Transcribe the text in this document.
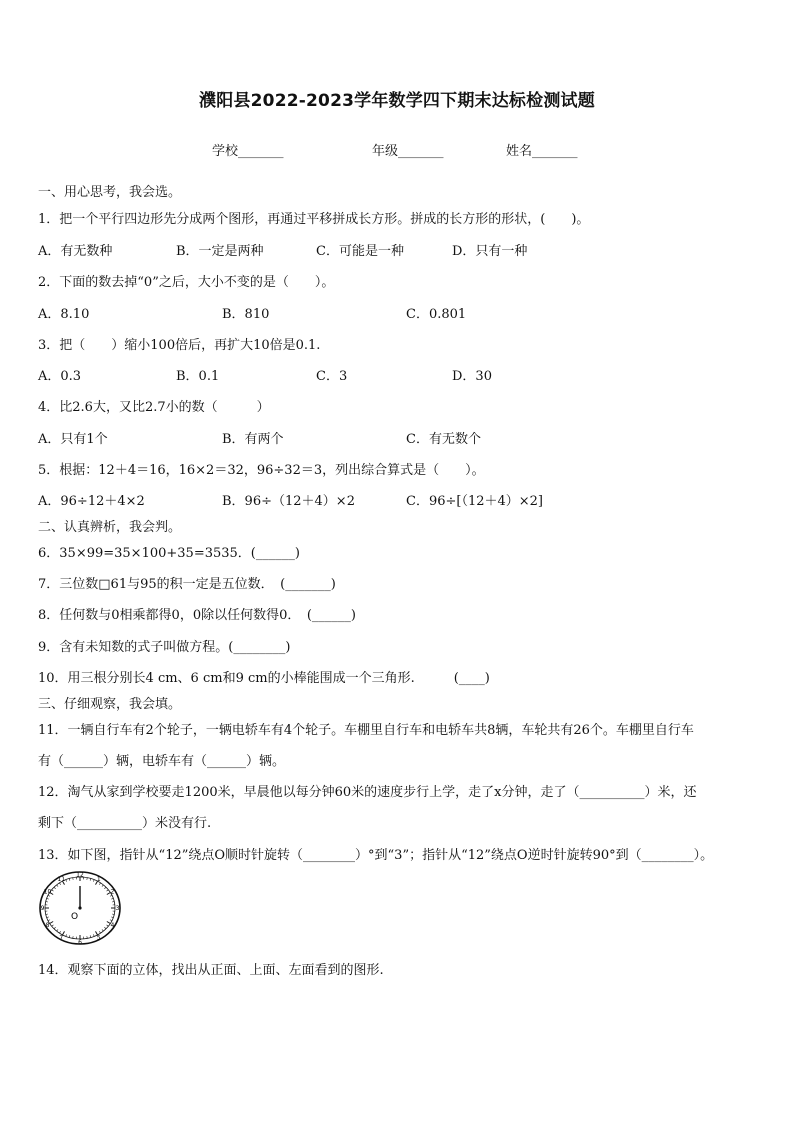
濮阳县2022-2023学年数学四下期末达标检测试题
学校_______	年级_______	姓名_______
一、用心思考，我会选。
1．把一个平行四边形先分成两个图形，再通过平移拼成长方形。拼成的长方形的形状，(　　)。
A．有无数种	B．一定是两种	C．可能是一种	D．只有一种
2．下面的数去掉“0”之后，大小不变的是（　　）。
A．8.10	B．810	C．0.801
3．把（　　）缩小100倍后，再扩大10倍是0.1.
A．0.3	B．0.1	C．3	D．30
4．比2.6大，又比2.7小的数（　　　）
A．只有1个	B．有两个	C．有无数个
5．根据：12＋4＝16，16×2＝32，96÷32＝3，列出综合算式是（　　）。
A．96÷12＋4×2	B．96÷（12＋4）×2	C．96÷[（12＋4）×2]
二、认真辨析，我会判。
6．35×99=35×100+35=3535．(______)
7．三位数□61与95的积一定是五位数．　(_______)
8．任何数与0相乘都得0，0除以任何数得0．　(______)
9．含有未知数的式子叫做方程。(________)
10．用三根分别长4 cm、6 cm和9 cm的小棒能围成一个三角形.　　　(____)
三、仔细观察，我会填。
11．一辆自行车有2个轮子，一辆电轿车有4个轮子。车棚里自行车和电轿车共8辆，车轮共有26个。车棚里自行车
有（______）辆，电轿车有（______）辆。
12．淘气从家到学校要走1200米，早晨他以每分钟60米的速度步行上学，走了x分钟，走了（__________）米，还
剩下（__________）米没有行.
13．如下图，指针从“12”绕点O顺时针旋转（________）°到“3”；指针从“12”绕点O逆时针旋转90°到（________）。
12
1
2
3
4
5
6
7
8
9
10
11
O
14．观察下面的立体，找出从正面、上面、左面看到的图形.
